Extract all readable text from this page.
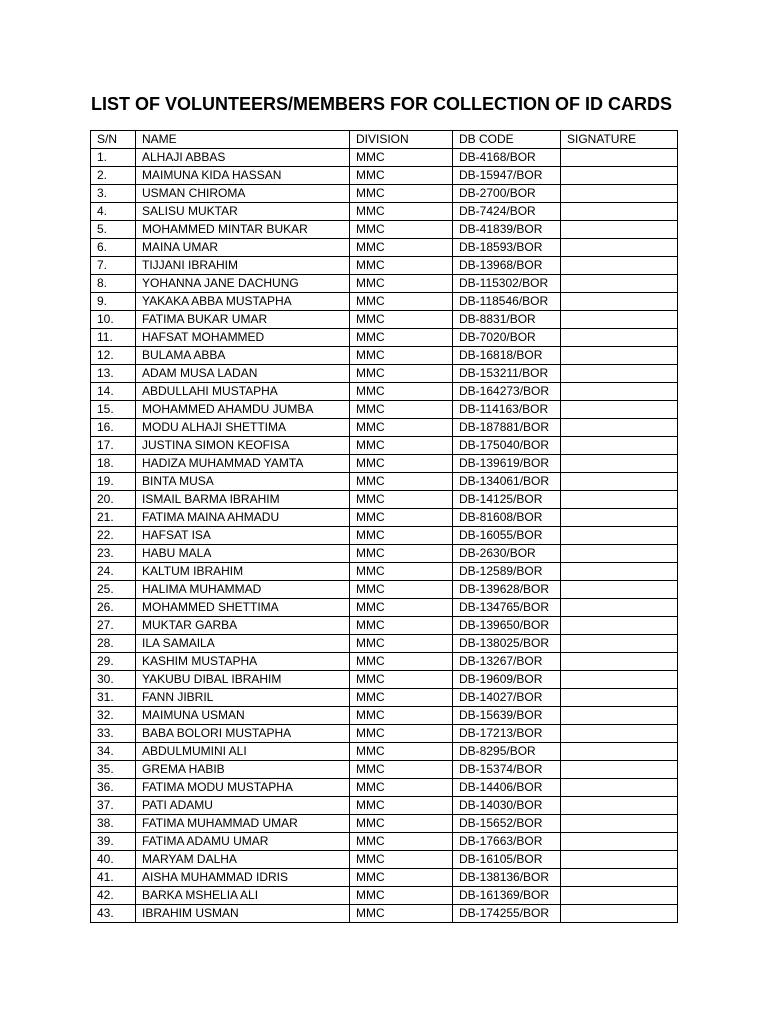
LIST OF VOLUNTEERS/MEMBERS FOR COLLECTION OF ID CARDS
S/N	NAME	DIVISION	DB CODE	SIGNATURE
1.	ALHAJI ABBAS	MMC	DB-4168/BOR	
2.	MAIMUNA KIDA HASSAN	MMC	DB-15947/BOR	
3.	USMAN CHIROMA	MMC	DB-2700/BOR	
4.	SALISU MUKTAR	MMC	DB-7424/BOR	
5.	MOHAMMED MINTAR BUKAR	MMC	DB-41839/BOR	
6.	MAINA UMAR	MMC	DB-18593/BOR	
7.	TIJJANI IBRAHIM	MMC	DB-13968/BOR	
8.	YOHANNA JANE DACHUNG	MMC	DB-115302/BOR	
9.	YAKAKA ABBA MUSTAPHA	MMC	DB-118546/BOR	
10.	FATIMA BUKAR UMAR	MMC	DB-8831/BOR	
11.	HAFSAT MOHAMMED	MMC	DB-7020/BOR	
12.	BULAMA ABBA	MMC	DB-16818/BOR	
13.	ADAM MUSA LADAN	MMC	DB-153211/BOR	
14.	ABDULLAHI MUSTAPHA	MMC	DB-164273/BOR	
15.	MOHAMMED AHAMDU JUMBA	MMC	DB-114163/BOR	
16.	MODU ALHAJI SHETTIMA	MMC	DB-187881/BOR	
17.	JUSTINA SIMON KEOFISA	MMC	DB-175040/BOR	
18.	HADIZA MUHAMMAD YAMTA	MMC	DB-139619/BOR	
19.	BINTA MUSA	MMC	DB-134061/BOR	
20.	ISMAIL BARMA IBRAHIM	MMC	DB-14125/BOR	
21.	FATIMA MAINA AHMADU	MMC	DB-81608/BOR	
22.	HAFSAT ISA	MMC	DB-16055/BOR	
23.	HABU MALA	MMC	DB-2630/BOR	
24.	KALTUM IBRAHIM	MMC	DB-12589/BOR	
25.	HALIMA MUHAMMAD	MMC	DB-139628/BOR	
26.	MOHAMMED SHETTIMA	MMC	DB-134765/BOR	
27.	MUKTAR GARBA	MMC	DB-139650/BOR	
28.	ILA SAMAILA	MMC	DB-138025/BOR	
29.	KASHIM MUSTAPHA	MMC	DB-13267/BOR	
30.	YAKUBU DIBAL IBRAHIM	MMC	DB-19609/BOR	
31.	FANN JIBRIL	MMC	DB-14027/BOR	
32.	MAIMUNA USMAN	MMC	DB-15639/BOR	
33.	BABA BOLORI MUSTAPHA	MMC	DB-17213/BOR	
34.	ABDULMUMINI ALI	MMC	DB-8295/BOR	
35.	GREMA HABIB	MMC	DB-15374/BOR	
36.	FATIMA MODU MUSTAPHA	MMC	DB-14406/BOR	
37.	PATI ADAMU	MMC	DB-14030/BOR	
38.	FATIMA MUHAMMAD UMAR	MMC	DB-15652/BOR	
39.	FATIMA ADAMU UMAR	MMC	DB-17663/BOR	
40.	MARYAM DALHA	MMC	DB-16105/BOR	
41.	AISHA MUHAMMAD IDRIS	MMC	DB-138136/BOR	
42.	BARKA MSHELIA ALI	MMC	DB-161369/BOR	
43.	IBRAHIM USMAN	MMC	DB-174255/BOR	
